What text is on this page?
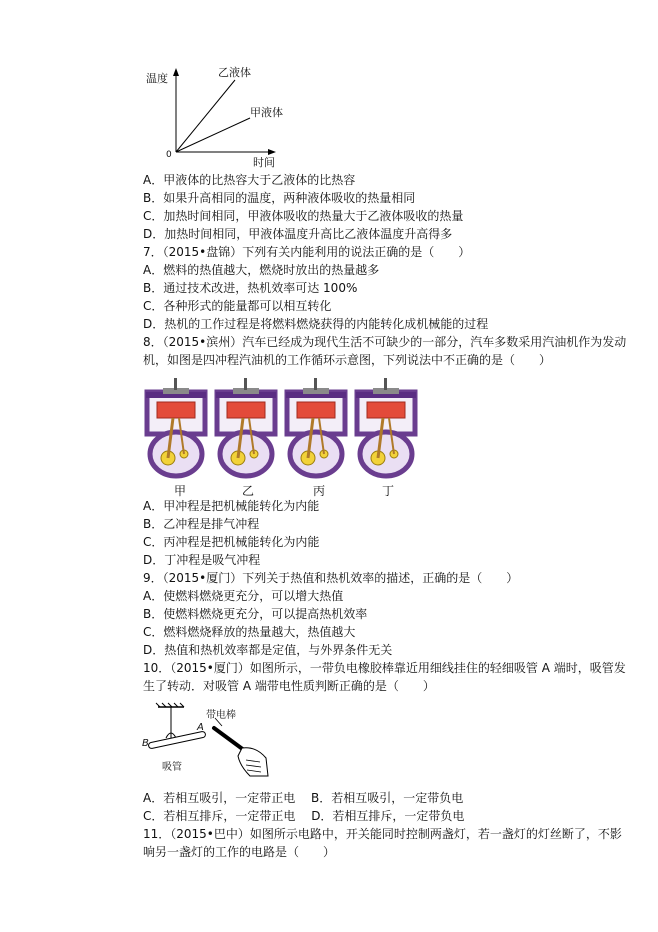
温度
0
时间
乙液体
甲液体
A．甲液体的比热容大于乙液体的比热容
B．如果升高相同的温度，两种液体吸收的热量相同
C．加热时间相同，甲液体吸收的热量大于乙液体吸收的热量
D．加热时间相同，甲液体温度升高比乙液体温度升高得多
7．（2015•盘锦）下列有关内能利用的说法正确的是（　　）
A．燃料的热值越大，燃烧时放出的热量越多
B．通过技术改进，热机效率可达 100%
C．各种形式的能量都可以相互转化
D．热机的工作过程是将燃料燃烧获得的内能转化成机械能的过程
8．（2015•滨州）汽车已经成为现代生活不可缺少的一部分，汽车多数采用汽油机作为发动
机，如图是四冲程汽油机的工作循环示意图，下列说法中不正确的是（　　）
甲	乙	丙	丁
A．甲冲程是把机械能转化为内能
B．乙冲程是排气冲程
C．丙冲程是把机械能转化为内能
D．丁冲程是吸气冲程
9．（2015•厦门）下列关于热值和热机效率的描述，正确的是（　　）
A．使燃料燃烧更充分，可以增大热值
B．使燃料燃烧更充分，可以提高热机效率
C．燃料燃烧释放的热量越大，热值越大
D．热值和热机效率都是定值，与外界条件无关
10．（2015•厦门）如图所示，一带负电橡胶棒靠近用细线挂住的轻细吸管 A 端时，吸管发
生了转动．对吸管 A 端带电性质判断正确的是（　　）
带电棒
吸管
A
B
A．若相互吸引，一定带正电　 B．若相互吸引，一定带负电
C．若相互排斥，一定带正电　 D．若相互排斥，一定带负电
11．（2015•巴中）如图所示电路中，开关能同时控制两盏灯，若一盏灯的灯丝断了，不影
响另一盏灯的工作的电路是（　　）
